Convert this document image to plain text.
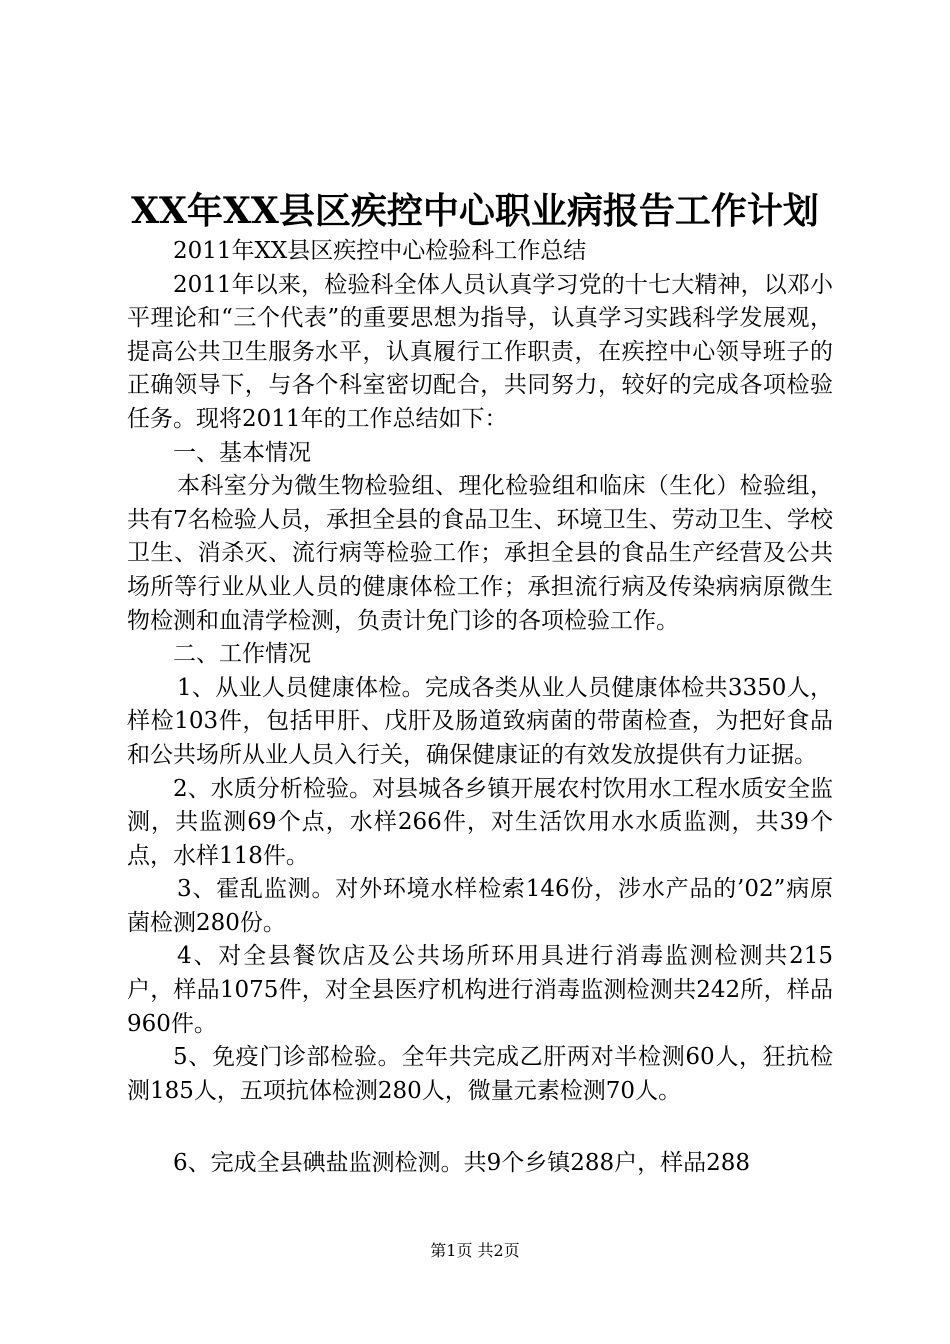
XX年XX县区疾控中心职业病报告工作计划

2011年XX县区疾控中心检验科工作总结

2011年以来，检验科全体人员认真学习党的十七大精神，以邓小平理论和“三个代表”的重要思想为指导，认真学习实践科学发展观，提高公共卫生服务水平，认真履行工作职责，在疾控中心领导班子的正确领导下，与各个科室密切配合，共同努力，较好的完成各项检验任务。现将2011年的工作总结如下：

一、基本情况

本科室分为微生物检验组、理化检验组和临床（生化）检验组，共有7名检验人员，承担全县的食品卫生、环境卫生、劳动卫生、学校卫生、消杀灭、流行病等检验工作；承担全县的食品生产经营及公共场所等行业从业人员的健康体检工作；承担流行病及传染病病原微生物检测和血清学检测，负责计免门诊的各项检验工作。

二、工作情况

1、从业人员健康体检。完成各类从业人员健康体检共3350人，样检103件，包括甲肝、戊肝及肠道致病菌的带菌检查，为把好食品和公共场所从业人员入行关，确保健康证的有效发放提供有力证据。

2、水质分析检验。对县城各乡镇开展农村饮用水工程水质安全监测，共监测69个点，水样266件，对生活饮用水水质监测，共39个点，水样118件。

3、霍乱监测。对外环境水样检索146份，涉水产品的’02”病原菌检测280份。

4、对全县餐饮店及公共场所环用具进行消毒监测检测共215户，样品1075件，对全县医疗机构进行消毒监测检测共242所，样品960件。

5、免疫门诊部检验。全年共完成乙肝两对半检测60人，狂抗检测185人，五项抗体检测280人，微量元素检测70人。

6、完成全县碘盐监测检测。共9个乡镇288户，样品288

第1页 共2页
